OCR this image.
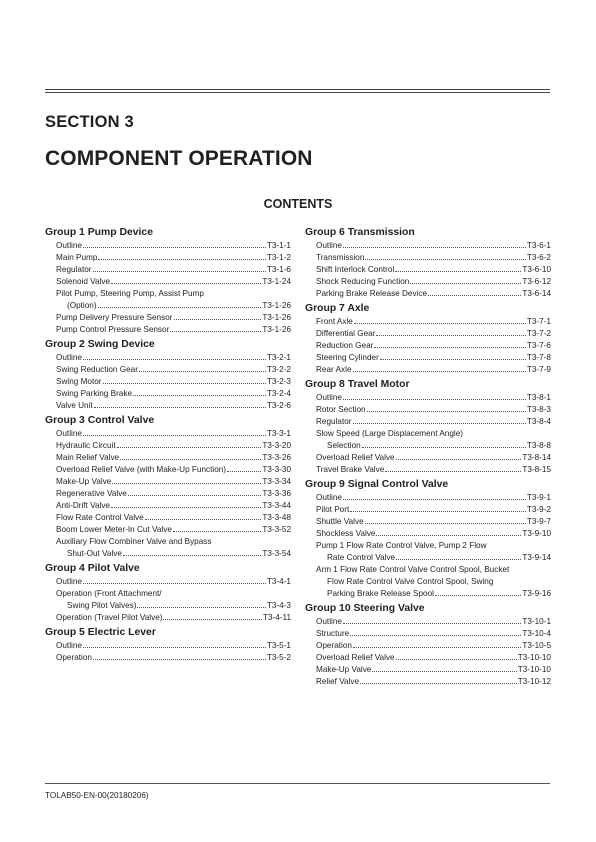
SECTION 3
COMPONENT OPERATION
CONTENTS
Group 1 Pump Device
Outline	T3-1-1
Main Pump	T3-1-2
Regulator	T3-1-6
Solenoid Valve	T3-1-24
Pilot Pump, Steering Pump, Assist Pump
(Option)	T3-1-26
Pump Delivery Pressure Sensor	T3-1-26
Pump Control Pressure Sensor	T3-1-26
Group 2 Swing Device
Outline	T3-2-1
Swing Reduction Gear	T3-2-2
Swing Motor	T3-2-3
Swing Parking Brake	T3-2-4
Valve Unit	T3-2-6
Group 3 Control Valve
Outline	T3-3-1
Hydraulic Circuit	T3-3-20
Main Relief Valve	T3-3-26
Overload Relief Valve (with Make-Up Function)	T3-3-30
Make-Up Valve	T3-3-34
Regenerative Valve	T3-3-36
Anti-Drift Valve	T3-3-44
Flow Rate Control Valve	T3-3-48
Boom Lower Meter-In Cut Valve	T3-3-52
Auxiliary Flow Combiner Valve and Bypass
Shut-Out Valve	T3-3-54
Group 4 Pilot Valve
Outline	T3-4-1
Operation (Front Attachment/
Swing Pilot Valves)	T3-4-3
Operation (Travel Pilot Valve)	T3-4-11
Group 5 Electric Lever
Outline	T3-5-1
Operation	T3-5-2
Group 6 Transmission
Outline	T3-6-1
Transmission	T3-6-2
Shift Interlock Control	T3-6-10
Shock Reducing Function	T3-6-12
Parking Brake Release Device	T3-6-14
Group 7 Axle
Front Axle	T3-7-1
Differential Gear	T3-7-2
Reduction Gear	T3-7-6
Steering Cylinder	T3-7-8
Rear Axle	T3-7-9
Group 8 Travel Motor
Outline	T3-8-1
Rotor Section	T3-8-3
Regulator	T3-8-4
Slow Speed (Large Displacement Angle)
Selection	T3-8-8
Overload Relief Valve	T3-8-14
Travel Brake Valve	T3-8-15
Group 9 Signal Control Valve
Outline	T3-9-1
Pilot Port	T3-9-2
Shuttle Valve	T3-9-7
Shockless Valve	T3-9-10
Pump 1 Flow Rate Control Valve, Pump 2 Flow
Rate Control Valve	T3-9-14
Arm 1 Flow Rate Control Valve Control Spool, Bucket
Flow Rate Control Valve Control Spool, Swing
Parking Brake Release Spool	T3-9-16
Group 10 Steering Valve
Outline	T3-10-1
Structure	T3-10-4
Operation	T3-10-5
Overload Relief Valve	T3-10-10
Make-Up Valve	T3-10-10
Relief Valve	T3-10-12
TOLAB50-EN-00(20180206)
